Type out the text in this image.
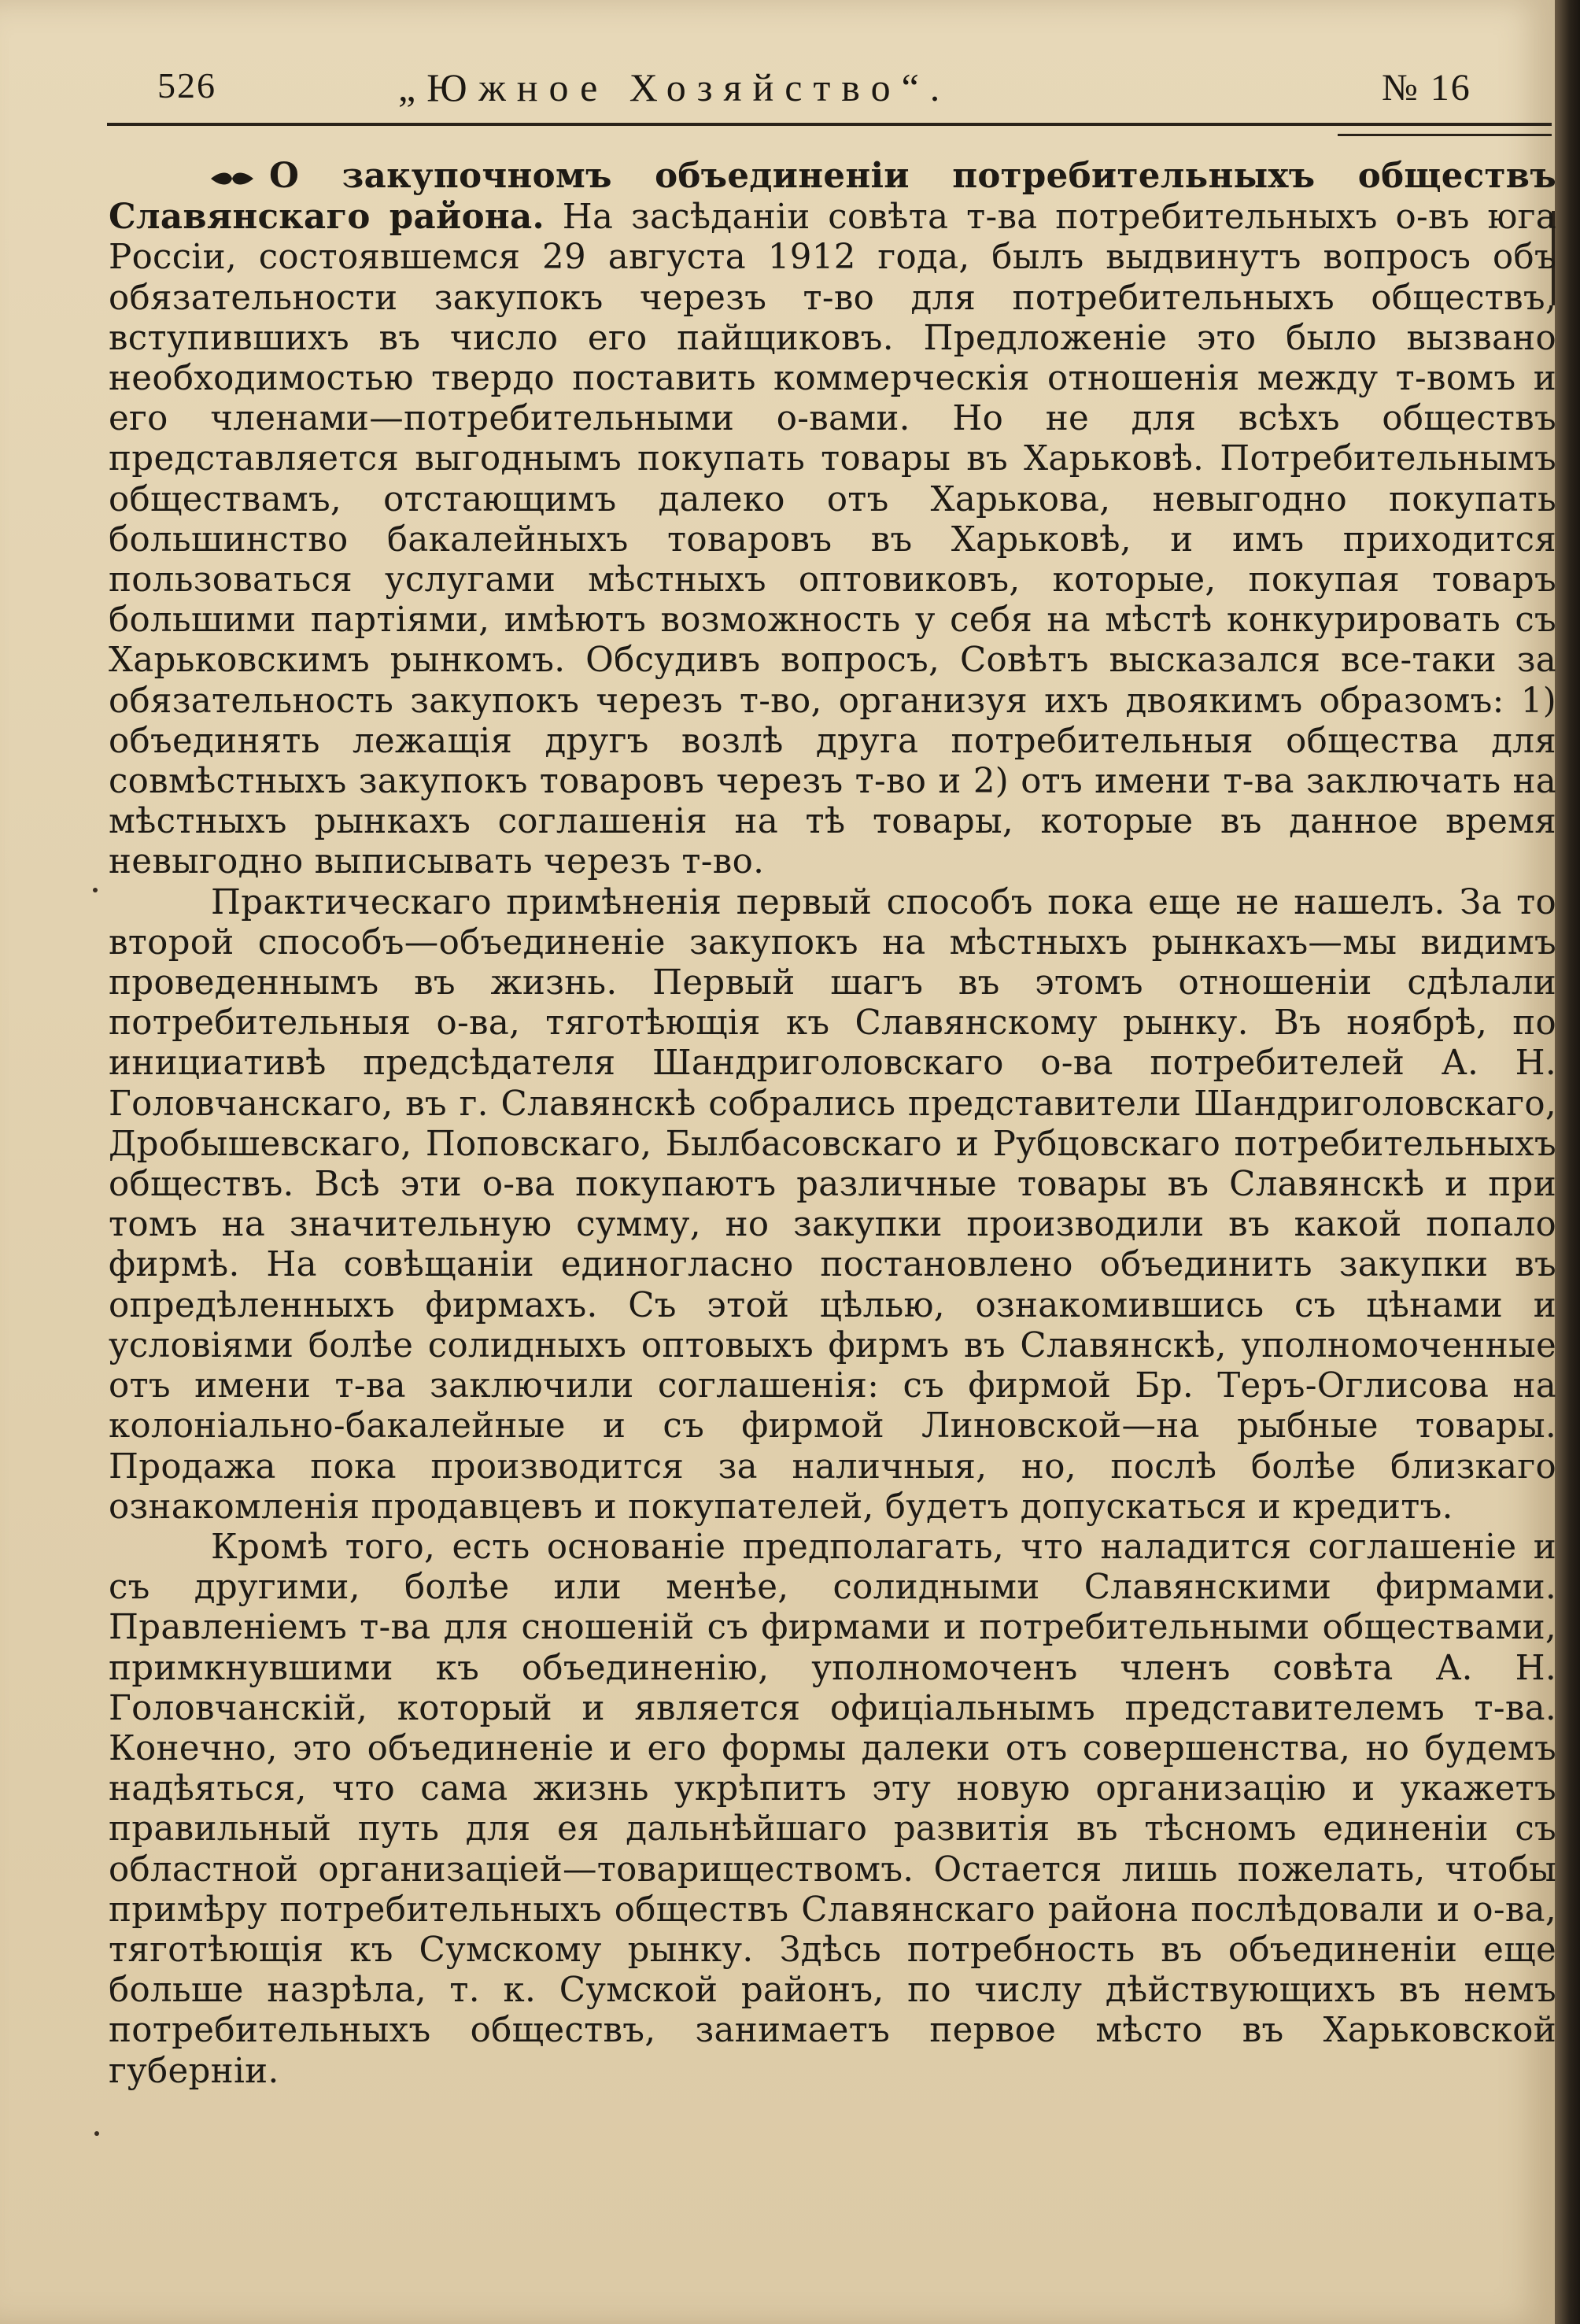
526	„Южное Хозяйство“.	№ 16

О закупочномъ объединенiи потребительныхъ обществъ Славянскаго района. На засѣданiи совѣта т-ва потребительныхъ о-въ юга Россiи, состоявшемся 29 августа 1912 года, былъ выдвинутъ вопросъ объ обязательности закупокъ черезъ т-во для потребительныхъ обществъ, вступившихъ въ число его пайщиковъ. Предложенiе это было вызвано необходимостью твердо поставить коммерческiя отношенiя между т-вомъ и его членами—потребительными о-вами. Но не для всѣхъ обществъ представляется выгоднымъ покупать товары въ Харьковѣ. Потребительнымъ обществамъ, отстающимъ далеко отъ Харькова, невыгодно покупать большинство бакалейныхъ товаровъ въ Харьковѣ, и имъ приходится пользоваться услугами мѣстныхъ оптовиковъ, которые, покупая товаръ большими партiями, имѣютъ возможность у себя на мѣстѣ конкурировать съ Харьковскимъ рынкомъ. Обсудивъ вопросъ, Совѣтъ высказался все-таки за обязательность закупокъ черезъ т-во, организуя ихъ двоякимъ образомъ: 1) объединять лежащiя другъ возлѣ друга потребительныя общества для совмѣстныхъ закупокъ товаровъ черезъ т-во и 2) отъ имени т-ва заключать на мѣстныхъ рынкахъ соглашенiя на тѣ товары, которые въ данное время невыгодно выписывать черезъ т-во.

Практическаго примѣненiя первый способъ пока еще не нашелъ. За то второй способъ—объединенiе закупокъ на мѣстныхъ рынкахъ—мы видимъ проведеннымъ въ жизнь. Первый шагъ въ этомъ отношенiи сдѣлали потребительныя о-ва, тяготѣющiя къ Славянскому рынку. Въ ноябрѣ, по инициативѣ предсѣдателя Шандриголовскаго о-ва потребителей А. Н. Головчанскаго, въ г. Славянскѣ собрались представители Шандриголовскаго, Дробышевскаго, Поповскаго, Былбасовскаго и Рубцовскаго потребительныхъ обществъ. Всѣ эти о-ва покупаютъ различные товары въ Славянскѣ и при томъ на значительную сумму, но закупки производили въ какой попало фирмѣ. На совѣщанiи единогласно постановлено объединить закупки въ опредѣленныхъ фирмахъ. Съ этой цѣлью, ознакомившись съ цѣнами и условiями болѣе солидныхъ оптовыхъ фирмъ въ Славянскѣ, уполномоченные отъ имени т-ва заключили соглашенiя: съ фирмой Бр. Теръ-Оглисова на колонiально-бакалейные и съ фирмой Линовской—на рыбные товары. Продажа пока производится за наличныя, но, послѣ болѣе близкаго ознакомленiя продавцевъ и покупателей, будетъ допускаться и кредитъ.

Кромѣ того, есть основанiе предполагать, что наладится соглашенiе и съ другими, болѣе или менѣе, солидными Славянскими фирмами. Правленiемъ т-ва для сношенiй съ фирмами и потребительными обществами, примкнувшими къ объединенiю, уполномоченъ членъ совѣта А. Н. Головчанскiй, который и является офицiальнымъ представителемъ т-ва. Конечно, это объединенiе и его формы далеки отъ совершенства, но будемъ надѣяться, что сама жизнь укрѣпитъ эту новую организацiю и укажетъ правильный путь для ея дальнѣйшаго развитiя въ тѣсномъ единенiи съ областной организацiей—товариществомъ. Остается лишь пожелать, чтобы примѣру потребительныхъ обществъ Славянскаго района послѣдовали и о-ва, тяготѣющiя къ Сумскому рынку. Здѣсь потребность въ объединенiи еще больше назрѣла, т. к. Сумской районъ, по числу дѣйствующихъ въ немъ потребительныхъ обществъ, занимаетъ первое мѣсто въ Харьковской губернiи.
